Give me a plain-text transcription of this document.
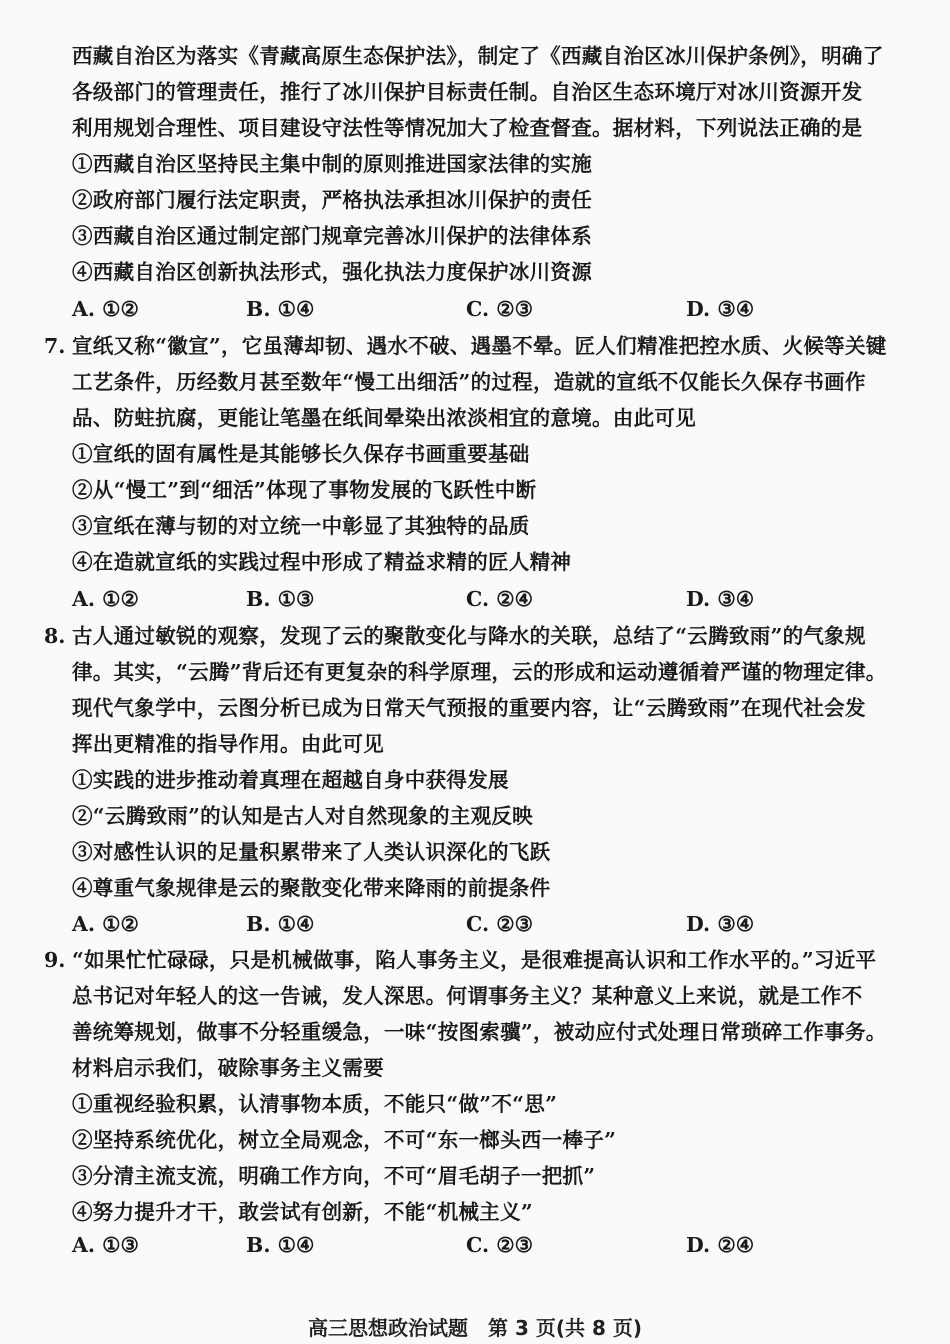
西藏自治区为落实《青藏高原生态保护法》，制定了《西藏自治区冰川保护条例》，明确了
各级部门的管理责任，推行了冰川保护目标责任制。自治区生态环境厅对冰川资源开发
利用规划合理性、项目建设守法性等情况加大了检查督查。据材料，下列说法正确的是
①西藏自治区坚持民主集中制的原则推进国家法律的实施
②政府部门履行法定职责，严格执法承担冰川保护的责任
③西藏自治区通过制定部门规章完善冰川保护的法律体系
④西藏自治区创新执法形式，强化执法力度保护冰川资源
A. ①②	B. ①④	C. ②③	D. ③④
7. 宣纸又称“徽宣”，它虽薄却韧、遇水不破、遇墨不晕。匠人们精准把控水质、火候等关键
工艺条件，历经数月甚至数年“慢工出细活”的过程，造就的宣纸不仅能长久保存书画作
品、防蛀抗腐，更能让笔墨在纸间晕染出浓淡相宜的意境。由此可见
①宣纸的固有属性是其能够长久保存书画重要基础
②从“慢工”到“细活”体现了事物发展的飞跃性中断
③宣纸在薄与韧的对立统一中彰显了其独特的品质
④在造就宣纸的实践过程中形成了精益求精的匠人精神
A. ①②	B. ①③	C. ②④	D. ③④
8. 古人通过敏锐的观察，发现了云的聚散变化与降水的关联，总结了“云腾致雨”的气象规
律。其实，“云腾”背后还有更复杂的科学原理，云的形成和运动遵循着严谨的物理定律。
现代气象学中，云图分析已成为日常天气预报的重要内容，让“云腾致雨”在现代社会发
挥出更精准的指导作用。由此可见
①实践的进步推动着真理在超越自身中获得发展
②“云腾致雨”的认知是古人对自然现象的主观反映
③对感性认识的足量积累带来了人类认识深化的飞跃
④尊重气象规律是云的聚散变化带来降雨的前提条件
A. ①②	B. ①④	C. ②③	D. ③④
9. “如果忙忙碌碌，只是机械做事，陷人事务主义，是很难提高认识和工作水平的。”习近平
总书记对年轻人的这一告诫，发人深思。何谓事务主义？某种意义上来说，就是工作不
善统筹规划，做事不分轻重缓急，一味“按图索骥”，被动应付式处理日常琐碎工作事务。
材料启示我们，破除事务主义需要
①重视经验积累，认清事物本质，不能只“做”不“思”
②坚持系统优化，树立全局观念，不可“东一榔头西一棒子”
③分清主流支流，明确工作方向，不可“眉毛胡子一把抓”
④努力提升才干，敢尝试有创新，不能“机械主义”
A. ①③	B. ①④	C. ②③	D. ②④
高三思想政治试题　第 3 页(共 8 页)
